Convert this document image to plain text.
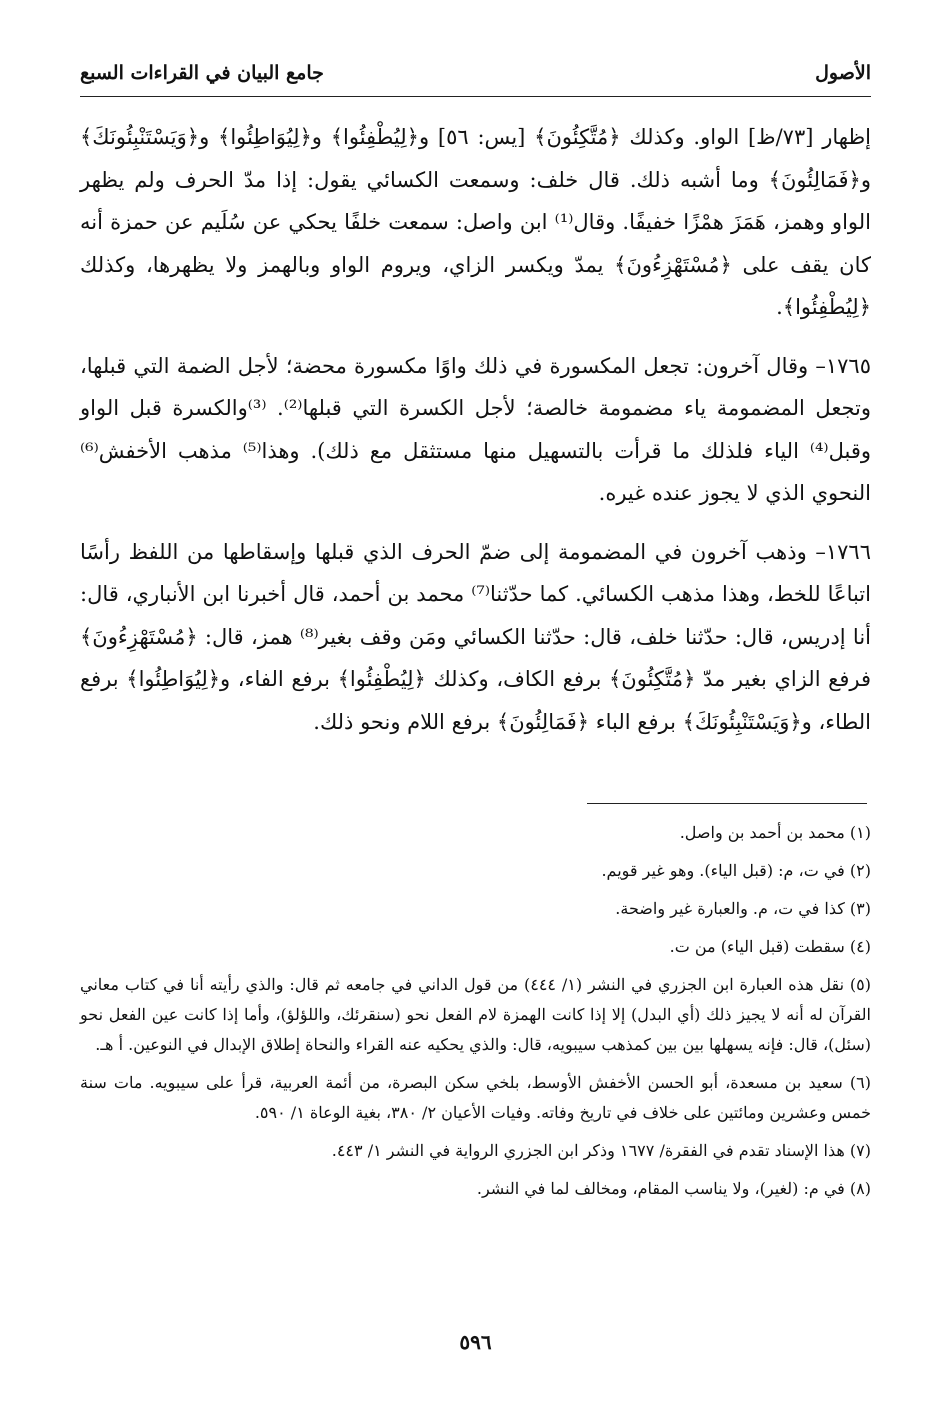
الأصول
جامع البيان في القراءات السبع

إظهار [٧٣/ظ] الواو. وكذلك ﴿مُتَّكِئُونَ﴾ [يس: ٥٦] و﴿لِيُطْفِئُوا﴾ و﴿لِيُوَاطِئُوا﴾ و﴿وَيَسْتَنْبِئُونَكَ﴾ و﴿فَمَالِئُونَ﴾ وما أشبه ذلك. قال خلف: وسمعت الكسائي يقول: إذا مدّ الحرف ولم يظهر الواو وهمز، هَمَزَ همْزًا خفيفًا. وقال⁽¹⁾ ابن واصل: سمعت خلفًا يحكي عن سُلَيم عن حمزة أنه كان يقف على ﴿مُسْتَهْزِءُونَ﴾ يمدّ ويكسر الزاي، ويروم الواو وبالهمز ولا يظهرها، وكذلك ﴿لِيُطْفِئُوا﴾.

١٧٦٥– وقال آخرون: تجعل المكسورة في ذلك واوًا مكسورة محضة؛ لأجل الضمة التي قبلها، وتجعل المضمومة ياء مضمومة خالصة؛ لأجل الكسرة التي قبلها⁽²⁾. ⁽³⁾والكسرة قبل الواو وقبل⁽⁴⁾ الياء فلذلك ما قرأت بالتسهيل منها مستثقل مع ذلك). وهذا⁽⁵⁾ مذهب الأخفش⁽⁶⁾ النحوي الذي لا يجوز عنده غيره.

١٧٦٦– وذهب آخرون في المضمومة إلى ضمّ الحرف الذي قبلها وإسقاطها من اللفظ رأسًا اتباعًا للخط، وهذا مذهب الكسائي. كما حدّثنا⁽⁷⁾ محمد بن أحمد، قال أخبرنا ابن الأنباري، قال: أنا إدريس، قال: حدّثنا خلف، قال: حدّثنا الكسائي ومَن وقف بغير⁽⁸⁾ همز، قال: ﴿مُسْتَهْزِءُونَ﴾ فرفع الزاي بغير مدّ ﴿مُتَّكِئُونَ﴾ برفع الكاف، وكذلك ﴿لِيُطْفِئُوا﴾ برفع الفاء، و﴿لِيُوَاطِئُوا﴾ برفع الطاء، و﴿وَيَسْتَنْبِئُونَكَ﴾ برفع الباء ﴿فَمَالِئُونَ﴾ برفع اللام ونحو ذلك.

(١) محمد بن أحمد بن واصل.
(٢) في ت، م: (قبل الياء). وهو غير قويم.
(٣) كذا في ت، م. والعبارة غير واضحة.
(٤) سقطت (قبل الياء) من ت.
(٥) نقل هذه العبارة ابن الجزري في النشر (١/ ٤٤٤) من قول الداني في جامعه ثم قال: والذي رأيته أنا في كتاب معاني القرآن له أنه لا يجيز ذلك (أي البدل) إلا إذا كانت الهمزة لام الفعل نحو (سنقرئك، واللؤلؤ)، وأما إذا كانت عين الفعل نحو (سئل)، قال: فإنه يسهلها بين بين كمذهب سيبويه، قال: والذي يحكيه عنه القراء والنحاة إطلاق الإبدال في النوعين. أ هـ.
(٦) سعيد بن مسعدة، أبو الحسن الأخفش الأوسط، بلخي سكن البصرة، من أئمة العربية، قرأ على سيبويه. مات سنة خمس وعشرين ومائتين على خلاف في تاريخ وفاته. وفيات الأعيان ٢/ ٣٨٠، بغية الوعاة ١/ ٥٩٠.
(٧) هذا الإسناد تقدم في الفقرة/ ١٦٧٧ وذكر ابن الجزري الرواية في النشر ١/ ٤٤٣.
(٨) في م: (لغير)، ولا يناسب المقام، ومخالف لما في النشر.
٥٩٦
